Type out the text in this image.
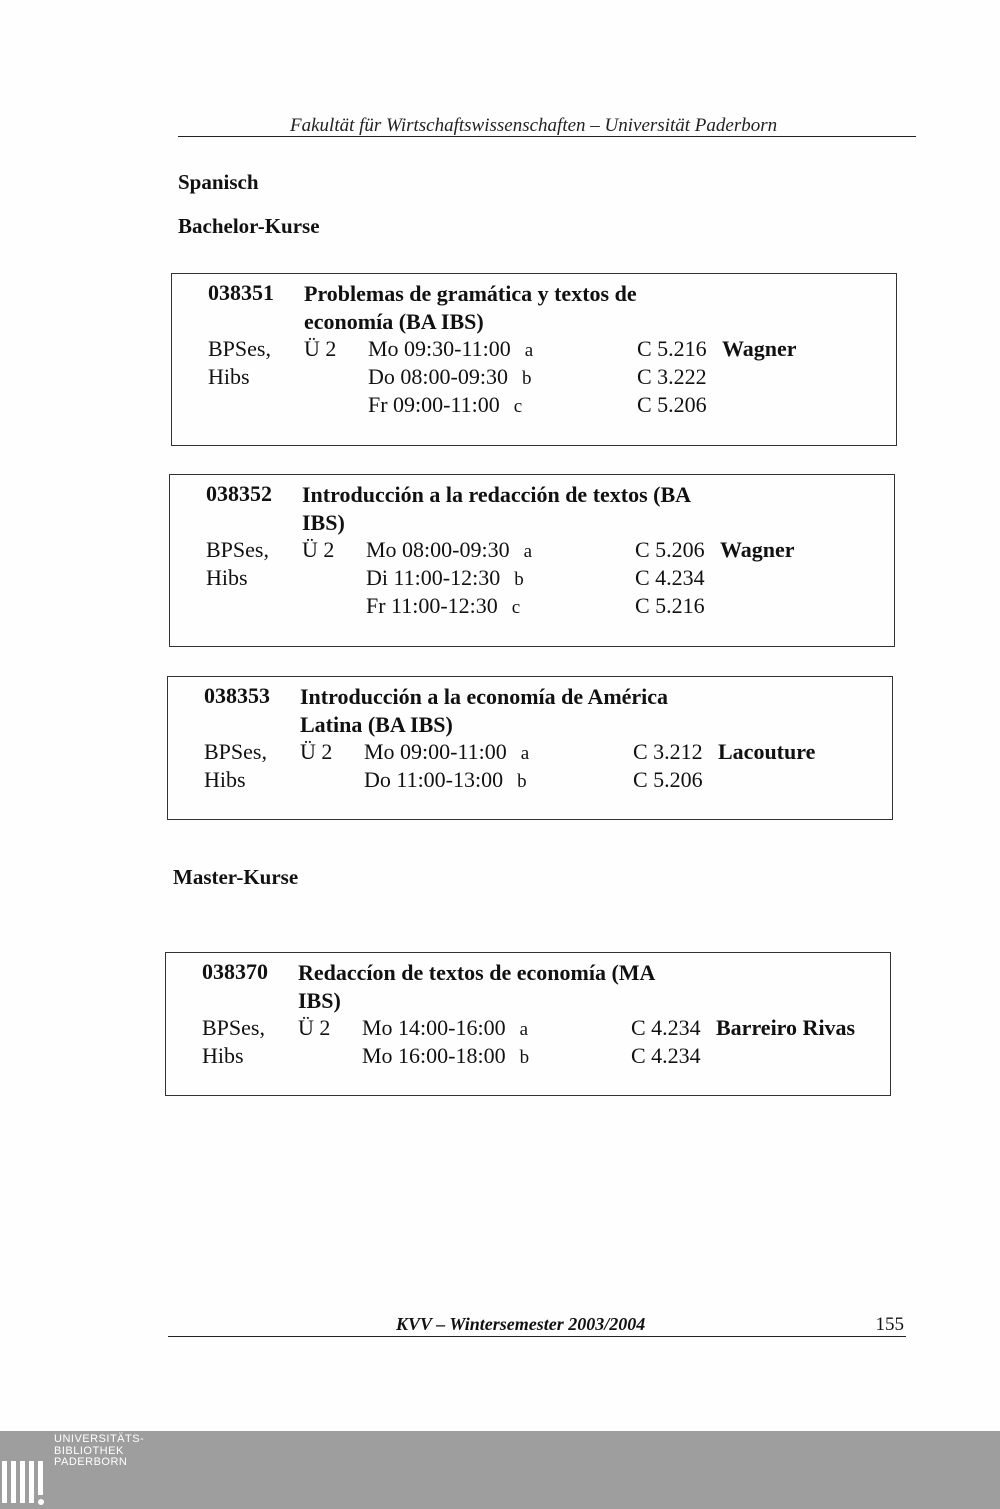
Fakultät für Wirtschaftswissenschaften – Universität Paderborn
Spanisch
Bachelor-Kurse
038351 Problemas de gramática y textos de economía (BA IBS)
BPSes,
Hibs
Ü 2 Mo 09:30-11:00 a
Do 08:00-09:30 b
Fr 09:00-11:00 c
C 5.216
C 3.222
C 5.206
Wagner
038352 Introducción a la redacción de textos (BA IBS)
BPSes,
Hibs
Ü 2 Mo 08:00-09:30 a
Di 11:00-12:30 b
Fr 11:00-12:30 c
C 5.206
C 4.234
C 5.216
Wagner
038353 Introducción a la economía de América Latina (BA IBS)
BPSes,
Hibs
Ü 2 Mo 09:00-11:00 a
Do 11:00-13:00 b
C 3.212
C 5.206
Lacouture
Master-Kurse
038370 Redaccíon de textos de economía (MA IBS)
BPSes,
Hibs
Ü 2 Mo 14:00-16:00 a
Mo 16:00-18:00 b
C 4.234
C 4.234
Barreiro Rivas
KVV – Wintersemester 2003/2004	155
UNIVERSITÄTS-
BIBLIOTHEK
PADERBORN
